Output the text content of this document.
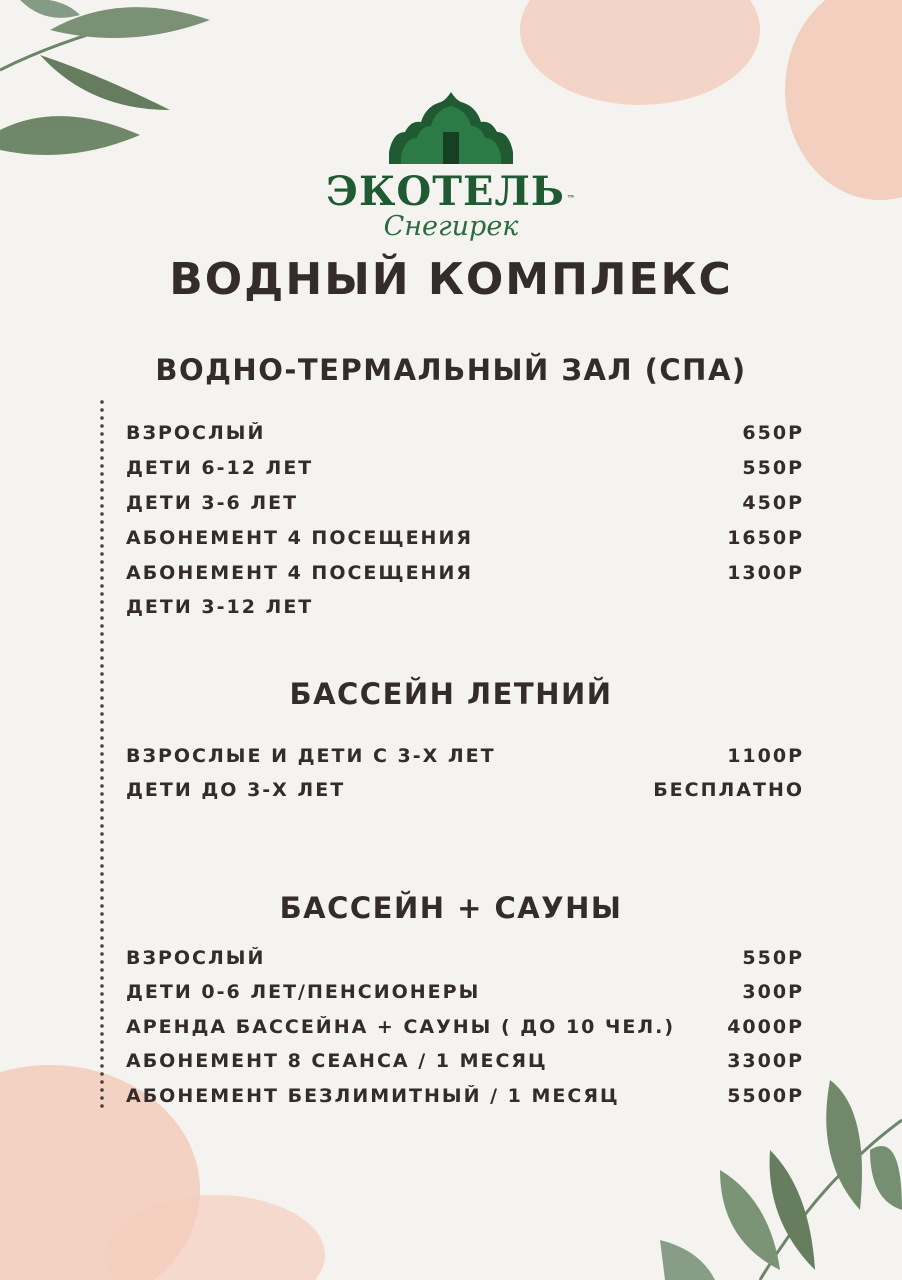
ЭКОТЕЛЬ ™
Снегирек
ВОДНЫЙ КОМПЛЕКС
ВОДНО-ТЕРМАЛЬНЫЙ ЗАЛ (СПА)
ВЗРОСЛЫЙ	650Р
ДЕТИ 6-12 ЛЕТ	550Р
ДЕТИ 3-6 ЛЕТ	450Р
АБОНЕМЕНТ 4 ПОСЕЩЕНИЯ	1650Р
АБОНЕМЕНТ 4 ПОСЕЩЕНИЯ	1300Р
ДЕТИ 3-12 ЛЕТ
БАССЕЙН ЛЕТНИЙ
ВЗРОСЛЫЕ И ДЕТИ С 3-Х ЛЕТ	1100Р
ДЕТИ ДО 3-Х ЛЕТ	БЕСПЛАТНО
БАССЕЙН + САУНЫ
ВЗРОСЛЫЙ	550Р
ДЕТИ 0-6 ЛЕТ/ПЕНСИОНЕРЫ	300Р
АРЕНДА БАССЕЙНА + САУНЫ ( ДО 10 ЧЕЛ.)	4000Р
АБОНЕМЕНТ 8 СЕАНСА / 1 МЕСЯЦ	3300Р
АБОНЕМЕНТ БЕЗЛИМИТНЫЙ / 1 МЕСЯЦ	5500Р
